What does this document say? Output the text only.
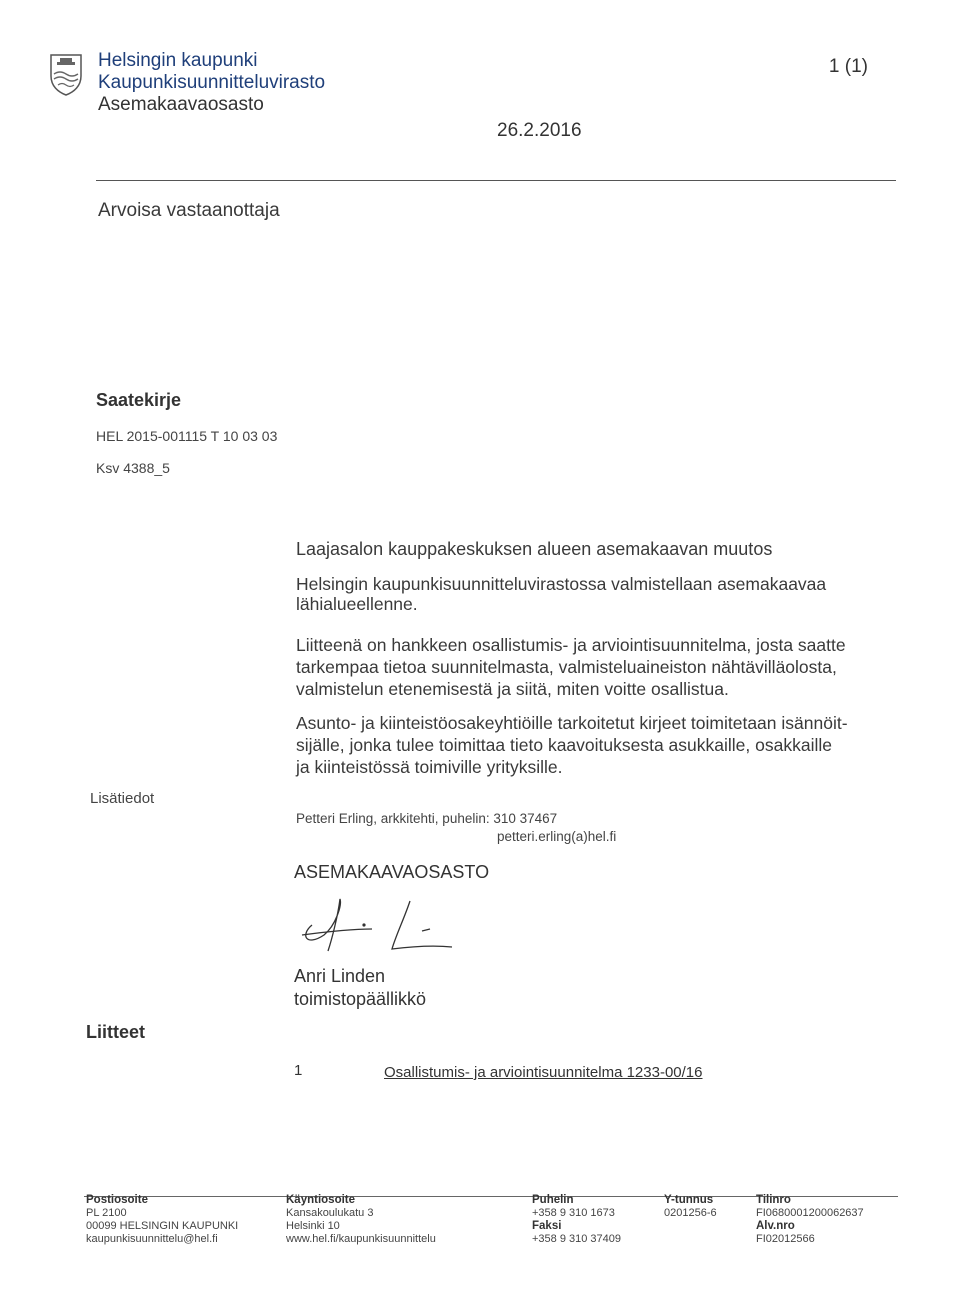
Helsingin kaupunki
Kaupunkisuunnitteluvirasto
Asemakaavaosasto
1 (1)
26.2.2016
Arvoisa vastaanottaja
Saatekirje
HEL 2015-001115 T 10 03 03
Ksv 4388_5
Laajasalon kauppakeskuksen alueen asemakaavan muutos
Helsingin kaupunkisuunnitteluvirastossa valmistellaan asemakaavaa
lähialueellenne.
Liitteenä on hankkeen osallistumis- ja arviointisuunnitelma, josta saatte
tarkempaa tietoa suunnitelmasta, valmisteluaineiston nähtävilläolosta,
valmistelun etenemisestä ja siitä, miten voitte osallistua.
Asunto- ja kiinteistöosakeyhtiöille tarkoitetut kirjeet toimitetaan isännöit-
sijälle, jonka tulee toimittaa tieto kaavoituksesta asukkaille, osakkaille
ja kiinteistössä toimiville yrityksille.
Lisätiedot
Petteri Erling, arkkitehti, puhelin: 310 37467
petteri.erling(a)hel.fi
ASEMAKAAVAOSASTO
Anri Linden
toimistopäällikkö
Liitteet
1	Osallistumis- ja arviointisuunnitelma 1233-00/16
Postiosoite
PL 2100
00099 HELSINGIN KAUPUNKI
kaupunkisuunnittelu@hel.fi
Käyntiosoite
Kansakoulukatu 3
Helsinki 10
www.hel.fi/kaupunkisuunnittelu
Puhelin
+358 9 310 1673
Faksi
+358 9 310 37409
Y-tunnus
0201256-6
Tilinro
FI0680001200062637
Alv.nro
FI02012566
